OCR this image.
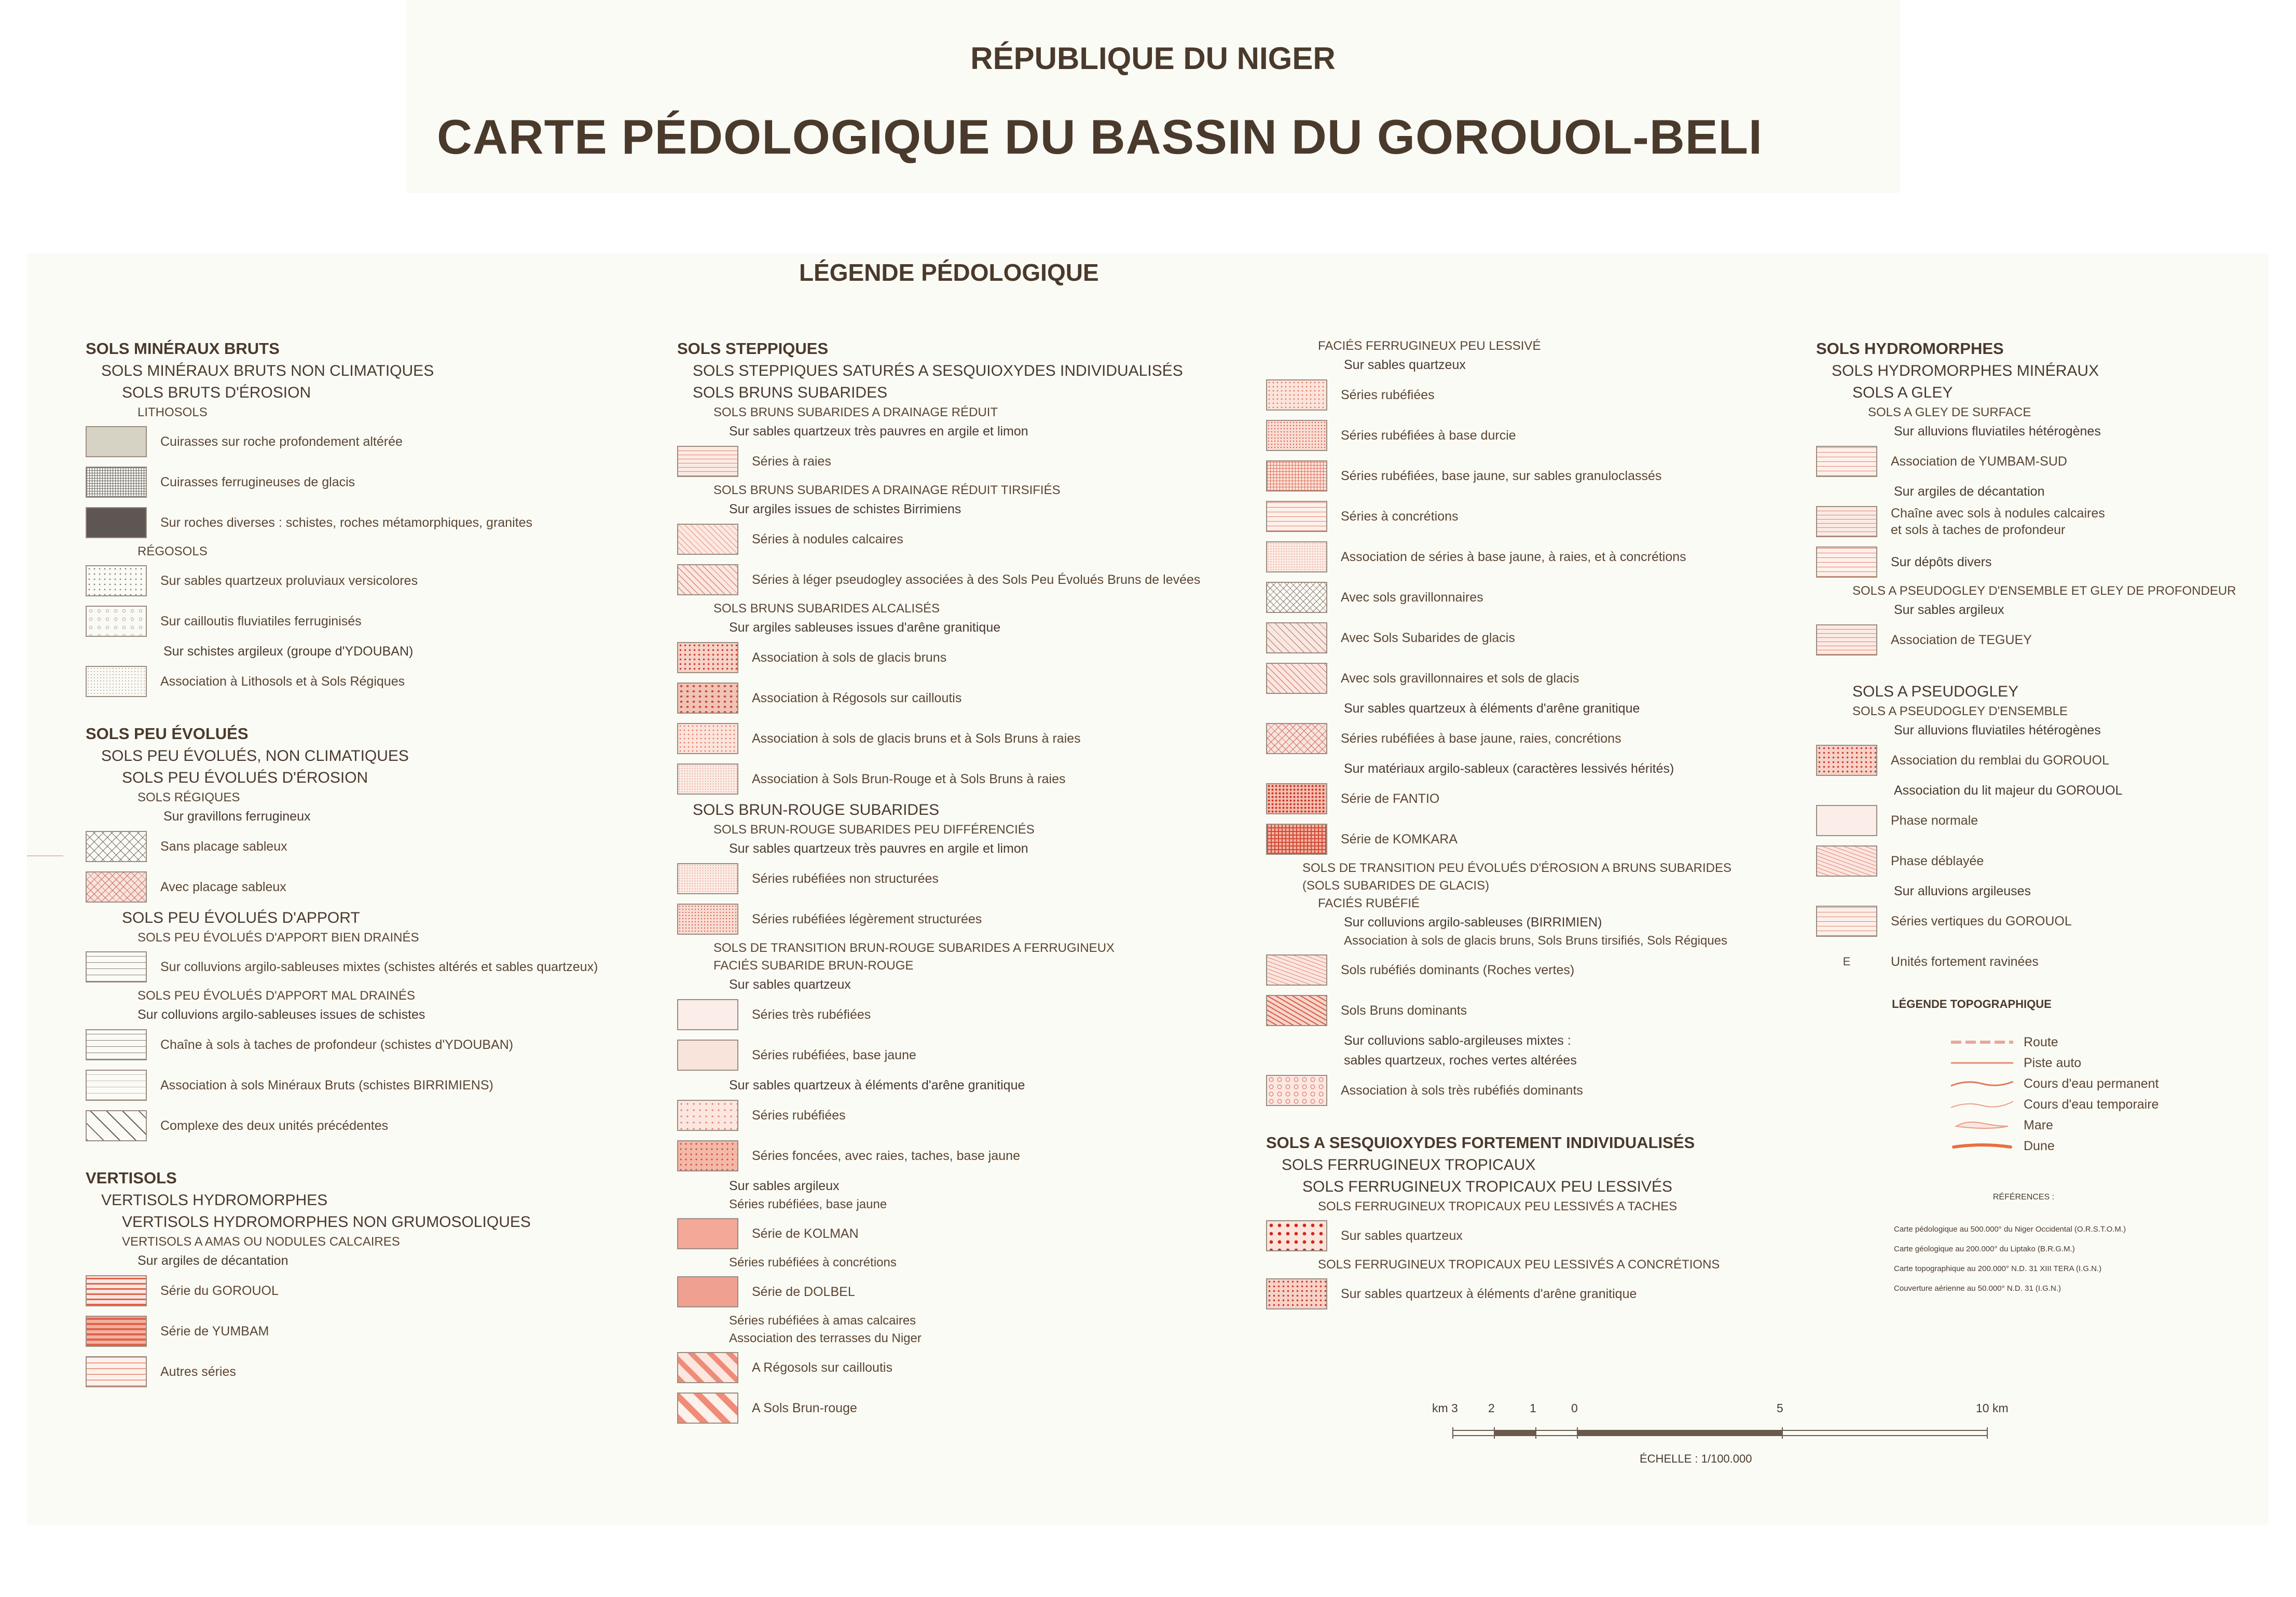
RÉPUBLIQUE DU NIGER
CARTE PÉDOLOGIQUE DU BASSIN DU GOROUOL-BELI
LÉGENDE PÉDOLOGIQUE
SOLS MINÉRAUX BRUTS
SOLS MINÉRAUX BRUTS NON CLIMATIQUES
SOLS BRUTS D'ÉROSION
LITHOSOLS
Cuirasses sur roche profondement altérée
Cuirasses ferrugineuses de glacis
Sur roches diverses : schistes, roches métamorphiques, granites
RÉGOSOLS
Sur sables quartzeux proluviaux versicolores
Sur cailloutis fluviatiles ferruginisés
Sur schistes argileux (groupe d'YDOUBAN)
Association à Lithosols et à Sols Régiques
SOLS PEU ÉVOLUÉS
SOLS PEU ÉVOLUÉS, NON CLIMATIQUES
SOLS PEU ÉVOLUÉS D'ÉROSION
SOLS RÉGIQUES
Sur gravillons ferrugineux
Sans placage sableux
Avec placage sableux
SOLS PEU ÉVOLUÉS D'APPORT
SOLS PEU ÉVOLUÉS D'APPORT BIEN DRAINÉS
Sur colluvions argilo-sableuses mixtes (schistes altérés et sables quartzeux)
SOLS PEU ÉVOLUÉS D'APPORT MAL DRAINÉS
Sur colluvions argilo-sableuses issues de schistes
Chaîne à sols à taches de profondeur (schistes d'YDOUBAN)
Association à sols Minéraux Bruts (schistes BIRRIMIENS)
Complexe des deux unités précédentes
VERTISOLS
VERTISOLS HYDROMORPHES
VERTISOLS HYDROMORPHES NON GRUMOSOLIQUES
VERTISOLS A AMAS OU NODULES CALCAIRES
Sur argiles de décantation
Série du GOROUOL
Série de YUMBAM
Autres séries
SOLS STEPPIQUES
SOLS STEPPIQUES SATURÉS A SESQUIOXYDES INDIVIDUALISÉS
SOLS BRUNS SUBARIDES
SOLS BRUNS SUBARIDES A DRAINAGE RÉDUIT
Sur sables quartzeux très pauvres en argile et limon
Séries à raies
SOLS BRUNS SUBARIDES A DRAINAGE RÉDUIT TIRSIFIÉS
Sur argiles issues de schistes Birrimiens
Séries à nodules calcaires
Séries à léger pseudogley associées à des Sols Peu Évolués Bruns de levées
SOLS BRUNS SUBARIDES ALCALISÉS
Sur argiles sableuses issues d'arêne granitique
Association à sols de glacis bruns
Association à Régosols sur cailloutis
Association à sols de glacis bruns et à Sols Bruns à raies
Association à Sols Brun-Rouge et à Sols Bruns à raies
SOLS BRUN-ROUGE SUBARIDES
SOLS BRUN-ROUGE SUBARIDES PEU DIFFÉRENCIÉS
Sur sables quartzeux très pauvres en argile et limon
Séries rubéfiées non structurées
Séries rubéfiées légèrement structurées
SOLS DE TRANSITION BRUN-ROUGE SUBARIDES A FERRUGINEUX
FACIÉS SUBARIDE BRUN-ROUGE
Sur sables quartzeux
Séries très rubéfiées
Séries rubéfiées, base jaune
Sur sables quartzeux à éléments d'arêne granitique
Séries rubéfiées
Séries foncées, avec raies, taches, base jaune
Sur sables argileux
Séries rubéfiées, base jaune
Série de KOLMAN
Séries rubéfiées à concrétions
Série de DOLBEL
Séries rubéfiées à amas calcaires
Association des terrasses du Niger
A Régosols sur cailloutis
A Sols Brun-rouge
FACIÉS FERRUGINEUX PEU LESSIVÉ
Sur sables quartzeux
Séries rubéfiées
Séries rubéfiées à base durcie
Séries rubéfiées, base jaune, sur sables granuloclassés
Séries à concrétions
Association de séries à base jaune, à raies, et à concrétions
Avec sols gravillonnaires
Avec Sols Subarides de glacis
Avec sols gravillonnaires et sols de glacis
Sur sables quartzeux à éléments d'arêne granitique
Séries rubéfiées à base jaune, raies, concrétions
Sur matériaux argilo-sableux (caractères lessivés hérités)
Série de FANTIO
Série de KOMKARA
SOLS DE TRANSITION PEU ÉVOLUÉS D'ÉROSION A BRUNS SUBARIDES
(SOLS SUBARIDES DE GLACIS)
FACIÉS RUBÉFIÉ
Sur colluvions argilo-sableuses (BIRRIMIEN)
Association à sols de glacis bruns, Sols Bruns tirsifiés, Sols Régiques
Sols rubéfiés dominants (Roches vertes)
Sols Bruns dominants
Sur colluvions sablo-argileuses mixtes :
sables quartzeux, roches vertes altérées
Association à sols très rubéfiés dominants
SOLS A SESQUIOXYDES FORTEMENT INDIVIDUALISÉS
SOLS FERRUGINEUX TROPICAUX
SOLS FERRUGINEUX TROPICAUX PEU LESSIVÉS
SOLS FERRUGINEUX TROPICAUX PEU LESSIVÉS A TACHES
Sur sables quartzeux
SOLS FERRUGINEUX TROPICAUX PEU LESSIVÉS A CONCRÉTIONS
Sur sables quartzeux à éléments d'arêne granitique
SOLS HYDROMORPHES
SOLS HYDROMORPHES MINÉRAUX
SOLS A GLEY
SOLS A GLEY DE SURFACE
Sur alluvions fluviatiles hétérogènes
Association de YUMBAM-SUD
Sur argiles de décantation
Chaîne avec sols à nodules calcaires
et sols à taches de profondeur
Sur dépôts divers
SOLS A PSEUDOGLEY D'ENSEMBLE ET GLEY DE PROFONDEUR
Sur sables argileux
Association de TEGUEY
SOLS A PSEUDOGLEY
SOLS A PSEUDOGLEY D'ENSEMBLE
Sur alluvions fluviatiles hétérogènes
Association du remblai du GOROUOL
Association du lit majeur du GOROUOL
Phase normale
Phase déblayée
Sur alluvions argileuses
Séries vertiques du GOROUOL
E	Unités fortement ravinées
LÉGENDE TOPOGRAPHIQUE
Route
Piste auto
Cours d'eau permanent
Cours d'eau temporaire
Mare
Dune
RÉFÉRENCES :
Carte pédologique au 500.000° du Niger Occidental (O.R.S.T.O.M.)
Carte géologique au 200.000° du Liptako (B.R.G.M.)
Carte topographique au 200.000° N.D. 31 XIII TERA (I.G.N.)
Couverture aérienne au 50.000° N.D. 31 (I.G.N.)
km 3	2	1	0	5	10 km
ÉCHELLE : 1/100.000
